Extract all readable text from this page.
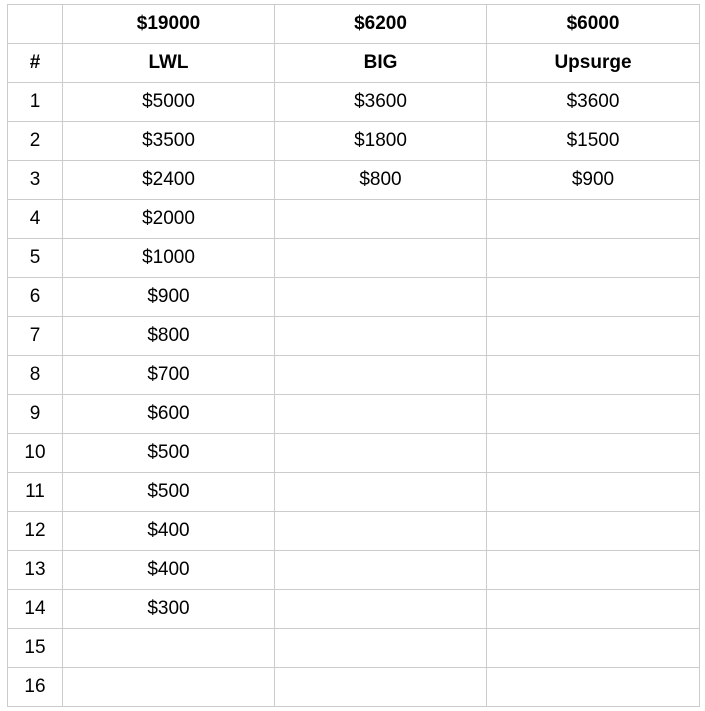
	$19000	$6200	$6000
#	LWL	BIG	Upsurge
1	$5000	$3600	$3600
2	$3500	$1800	$1500
3	$2400	$800	$900
4	$2000		
5	$1000		
6	$900		
7	$800		
8	$700		
9	$600		
10	$500		
11	$500		
12	$400		
13	$400		
14	$300		
15			
16			
